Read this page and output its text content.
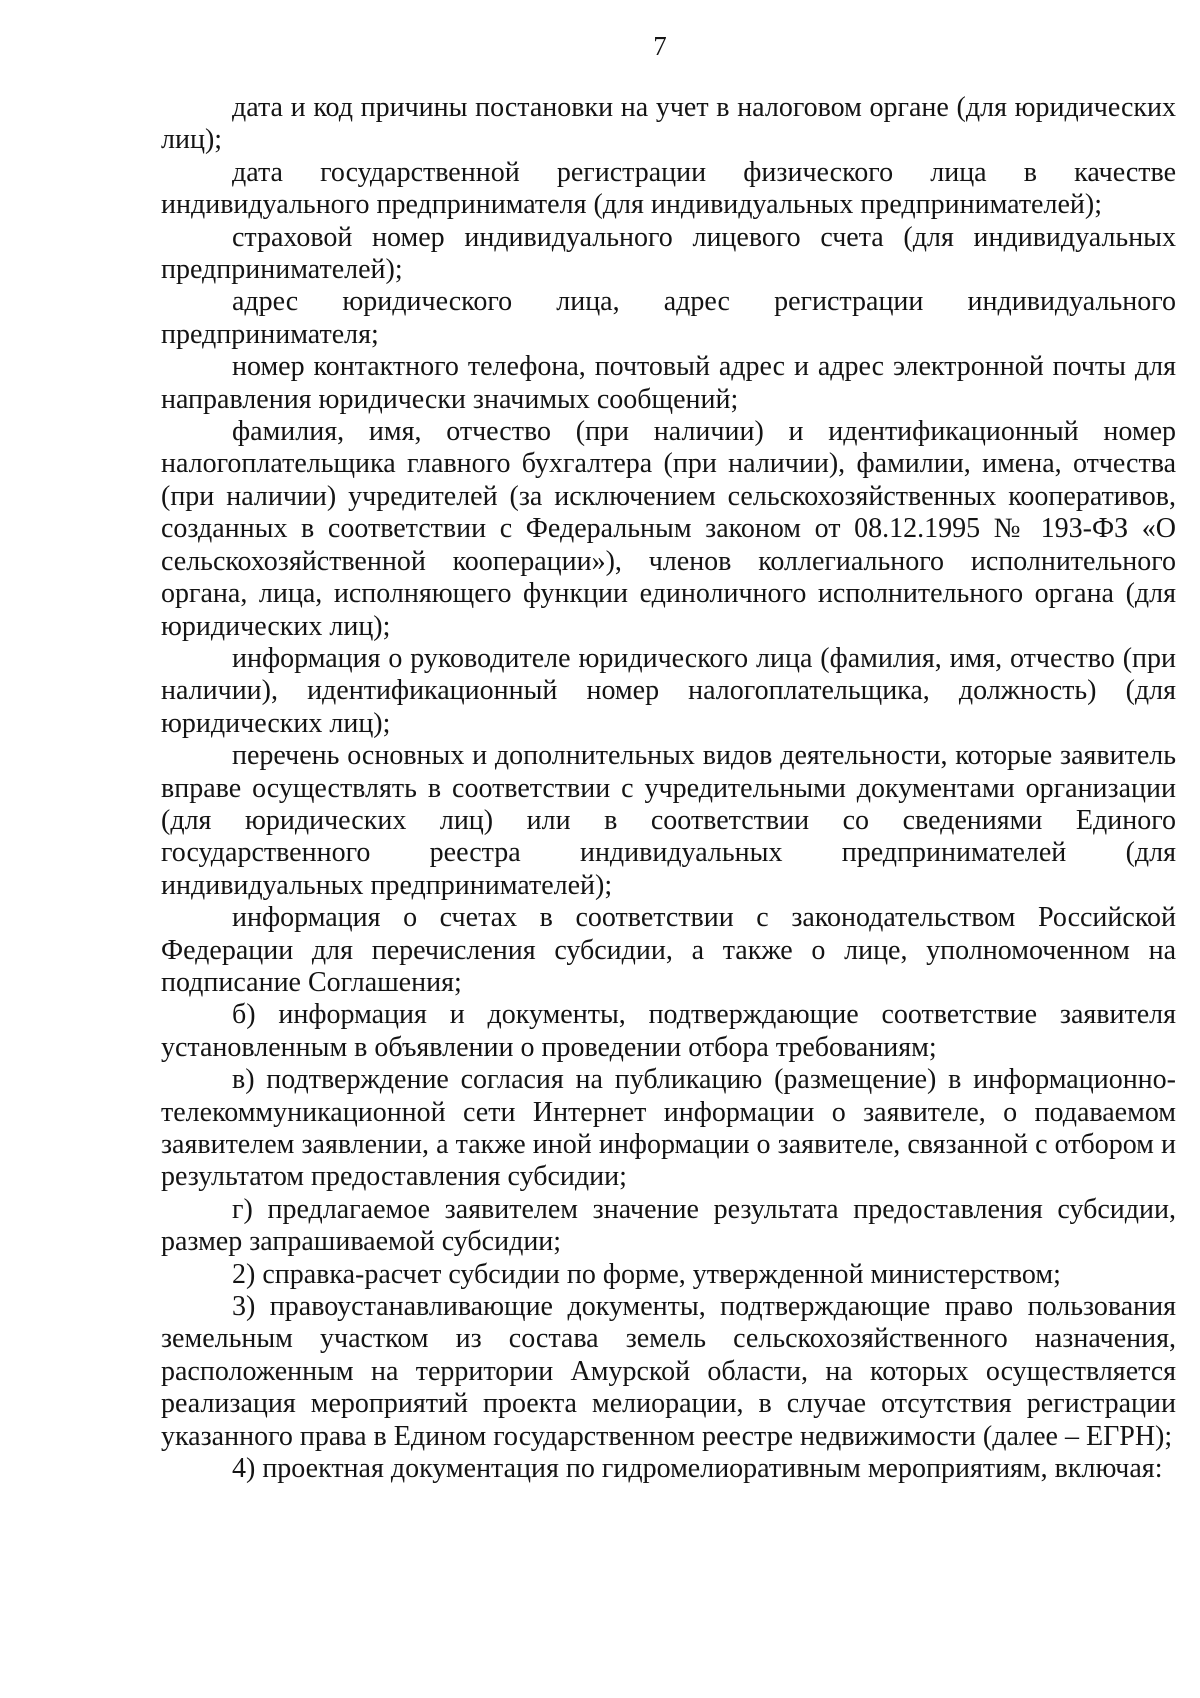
7

дата и код причины постановки на учет в налоговом органе (для юридических лиц);

дата государственной регистрации физического лица в качестве индивидуального предпринимателя (для индивидуальных предпринимателей);

страховой номер индивидуального лицевого счета (для индивидуальных предпринимателей);

адрес юридического лица, адрес регистрации индивидуального предпринимателя;

номер контактного телефона, почтовый адрес и адрес электронной почты для направления юридически значимых сообщений;

фамилия, имя, отчество (при наличии) и идентификационный номер налогоплательщика главного бухгалтера (при наличии), фамилии, имена, отчества (при наличии) учредителей (за исключением сельскохозяйственных кооперативов, созданных в соответствии с Федеральным законом от 08.12.1995 № 193-ФЗ «О сельскохозяйственной кооперации»), членов коллегиального исполнительного органа, лица, исполняющего функции единоличного исполнительного органа (для юридических лиц);

информация о руководителе юридического лица (фамилия, имя, отчество (при наличии), идентификационный номер налогоплательщика, должность) (для юридических лиц);

перечень основных и дополнительных видов деятельности, которые заявитель вправе осуществлять в соответствии с учредительными документами организации (для юридических лиц) или в соответствии со сведениями Единого государственного реестра индивидуальных предпринимателей (для индивидуальных предпринимателей);

информация о счетах в соответствии с законодательством Российской Федерации для перечисления субсидии, а также о лице, уполномоченном на подписание Соглашения;

б) информация и документы, подтверждающие соответствие заявителя установленным в объявлении о проведении отбора требованиям;

в) подтверждение согласия на публикацию (размещение) в информационно-телекоммуникационной сети Интернет информации о заявителе, о подаваемом заявителем заявлении, а также иной информации о заявителе, связанной с отбором и результатом предоставления субсидии;

г) предлагаемое заявителем значение результата предоставления субсидии, размер запрашиваемой субсидии;

2) справка-расчет субсидии по форме, утвержденной министерством;

3) правоустанавливающие документы, подтверждающие право пользования земельным участком из состава земель сельскохозяйственного назначения, расположенным на территории Амурской области, на которых осуществляется реализация мероприятий проекта мелиорации, в случае отсутствия регистрации указанного права в Едином государственном реестре недвижимости (далее – ЕГРН);

4) проектная документация по гидромелиоративным мероприятиям, включая:
